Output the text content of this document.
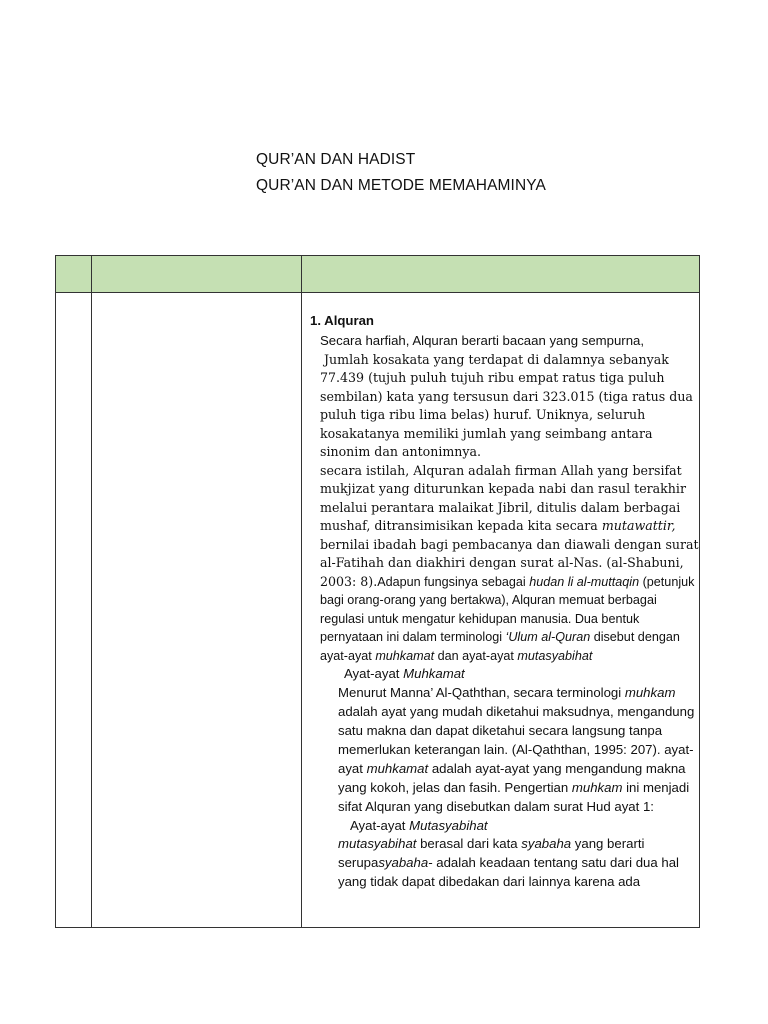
QUR’AN DAN HADIST
QUR’AN DAN METODE MEMAHAMINYA

1. Alquran

Secara harfiah, Alquran berarti bacaan yang sempurna,

Jumlah kosakata yang terdapat di dalamnya sebanyak 77.439 (tujuh puluh tujuh ribu empat ratus tiga puluh sembilan) kata yang tersusun dari 323.015 (tiga ratus dua puluh tiga ribu lima belas) huruf. Uniknya, seluruh kosakatanya memiliki jumlah yang seimbang antara sinonim dan antonimnya.

secara istilah, Alquran adalah firman Allah yang bersifat mukjizat yang diturunkan kepada nabi dan rasul terakhir melalui perantara malaikat Jibril, ditulis dalam berbagai mushaf, ditransimisikan kepada kita secara mutawattir, bernilai ibadah bagi pembacanya dan diawali dengan surat al-Fatihah dan diakhiri dengan surat al-Nas. (al-Shabuni, 2003: 8).Adapun fungsinya sebagai hudan li al-muttaqin (petunjuk bagi orang-orang yang bertakwa), Alquran memuat berbagai regulasi untuk mengatur kehidupan manusia. Dua bentuk pernyataan ini dalam terminologi ‘Ulum al-Quran disebut dengan ayat-ayat muhkamat dan ayat-ayat mutasyabihat

Ayat-ayat Muhkamat

Menurut Manna’ Al-Qaththan, secara terminologi muhkam adalah ayat yang mudah diketahui maksudnya, mengandung satu makna dan dapat diketahui secara langsung tanpa memerlukan keterangan lain. (Al-Qaththan, 1995: 207). ayat-ayat muhkamat adalah ayat-ayat yang mengandung makna yang kokoh, jelas dan fasih. Pengertian muhkam ini menjadi sifat Alquran yang disebutkan dalam surat Hud ayat 1:

Ayat-ayat Mutasyabihat

mutasyabihat berasal dari kata syabaha yang berarti serupasyabaha- adalah keadaan tentang satu dari dua hal yang tidak dapat dibedakan dari lainnya karena ada
